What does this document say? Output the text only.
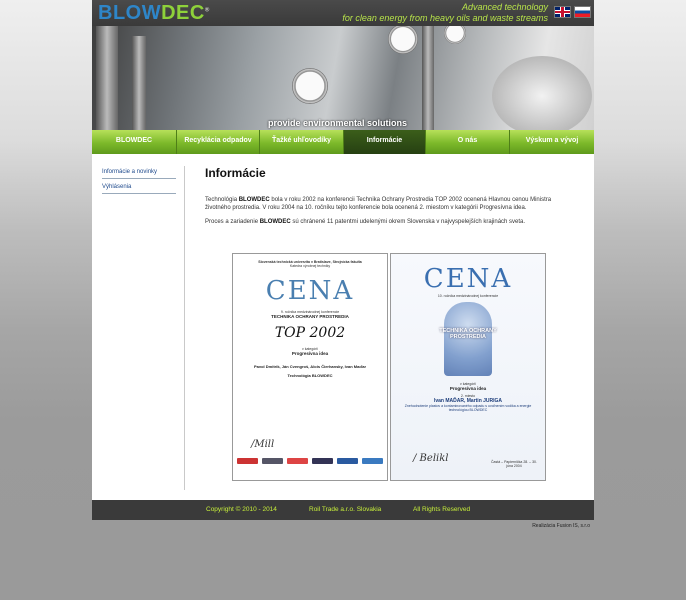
BLOWDEC®	Advanced technology
for clean energy from heavy oils and waste streams
provide environmental solutions
BLOWDEC	Recyklácia odpadov	Ťažké uhľovodíky	Informácie	O nás	Výskum a vývoj
Informácie a novinky
Výhlásenia
Informácie
Technológia BLOWDEC bola v roku 2002 na konferencii Technika Ochrany Prostredia TOP 2002 ocenená Hlavnou cenou Ministra životného prostredia. V roku 2004 na 10. ročníku tejto konferencie bola ocenená 2. miestom v kategórii Progresívna idea.
Proces a zariadenie BLOWDEC sú chránené 11 patentmi udelenými okrem Slovenska v najvyspelejších krajinách sveta.
Slovenská technická univerzita v Bratislave, Strojnícka fakulta
Katedra výrobnej techniky
CENA
9. ročníka medzinárodnej konferencie
TECHNIKA OCHRANY PROSTREDIA
TOP 2002
v kategórii
Progresívna idea
Pavol Dmitrik, Ján Cvengroš, Alois Čierhansky, Ivan Maďar
Technológia BLOWDEC
/Mill
CENA
10. ročníka medzinárodnej konferencie
TECHNIKA OCHRANY PROSTREDIA
v kategórii
Progresívna idea
2. miesto
Ivan MAĎAR, Martin JURIGA
Znehodnotenie plastov a kontaminovaného odpadu s uvoľnením vodíka a energie technológiou BLOWDEC
/ Belikl	Častá – Papiernička 28. – 30. júna 2004
Copyright © 2010 - 2014	Roil Trade a.r.o. Slovakia	All Rights Reserved
Realizácia Fusion IS, s.r.o
